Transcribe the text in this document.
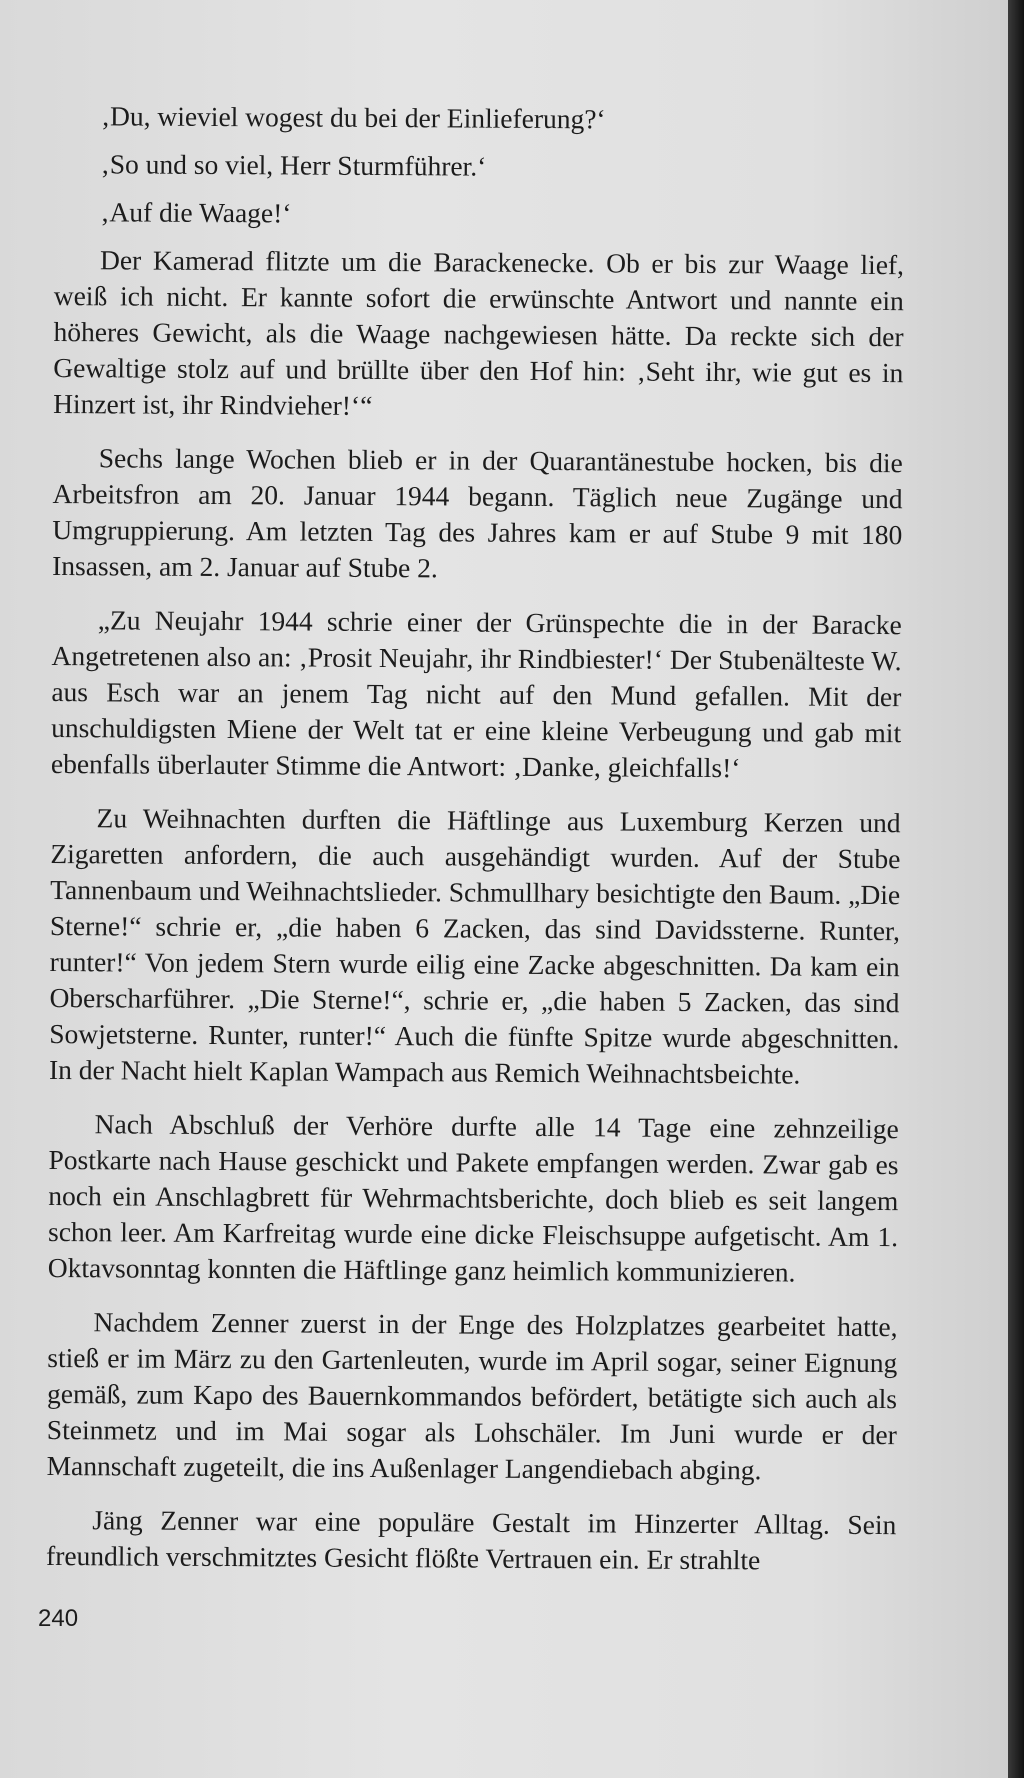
‚Du, wieviel wogest du bei der Einlieferung?‘

‚So und so viel, Herr Sturmführer.‘

‚Auf die Waage!‘

Der Kamerad flitzte um die Barackenecke. Ob er bis zur Waage lief, weiß ich nicht. Er kannte sofort die erwünschte Antwort und nannte ein höheres Gewicht, als die Waage nachgewiesen hätte. Da reckte sich der Gewaltige stolz auf und brüllte über den Hof hin: ‚Seht ihr, wie gut es in Hinzert ist, ihr Rindvieher!‘“

Sechs lange Wochen blieb er in der Quarantänestube hocken, bis die Arbeitsfron am 20. Januar 1944 begann. Täglich neue Zugänge und Umgruppierung. Am letzten Tag des Jahres kam er auf Stube 9 mit 180 Insassen, am 2. Januar auf Stube 2.

„Zu Neujahr 1944 schrie einer der Grünspechte die in der Baracke Angetretenen also an: ‚Prosit Neujahr, ihr Rindbiester!‘ Der Stubenälteste W. aus Esch war an jenem Tag nicht auf den Mund gefallen. Mit der unschuldigsten Miene der Welt tat er eine kleine Verbeugung und gab mit ebenfalls überlauter Stimme die Antwort: ‚Danke, gleichfalls!‘

Zu Weihnachten durften die Häftlinge aus Luxemburg Kerzen und Zigaretten anfordern, die auch ausgehändigt wurden. Auf der Stube Tannenbaum und Weihnachtslieder. Schmullhary besichtigte den Baum. „Die Sterne!“ schrie er, „die haben 6 Zacken, das sind Davidssterne. Runter, runter!“ Von jedem Stern wurde eilig eine Zacke abgeschnitten. Da kam ein Oberscharführer. „Die Sterne!“, schrie er, „die haben 5 Zacken, das sind Sowjetsterne. Runter, runter!“ Auch die fünfte Spitze wurde abgeschnitten. In der Nacht hielt Kaplan Wampach aus Remich Weihnachtsbeichte.

Nach Abschluß der Verhöre durfte alle 14 Tage eine zehnzeilige Postkarte nach Hause geschickt und Pakete empfangen werden. Zwar gab es noch ein Anschlagbrett für Wehrmachtsberichte, doch blieb es seit langem schon leer. Am Karfreitag wurde eine dicke Fleischsuppe aufgetischt. Am 1. Oktavsonntag konnten die Häftlinge ganz heimlich kommunizieren.

Nachdem Zenner zuerst in der Enge des Holzplatzes gearbeitet hatte, stieß er im März zu den Gartenleuten, wurde im April sogar, seiner Eignung gemäß, zum Kapo des Bauernkommandos befördert, betätigte sich auch als Steinmetz und im Mai sogar als Lohschäler. Im Juni wurde er der Mannschaft zugeteilt, die ins Außenlager Langendiebach abging.

Jäng Zenner war eine populäre Gestalt im Hinzerter Alltag. Sein freundlich verschmitztes Gesicht flößte Vertrauen ein. Er strahlte

240
